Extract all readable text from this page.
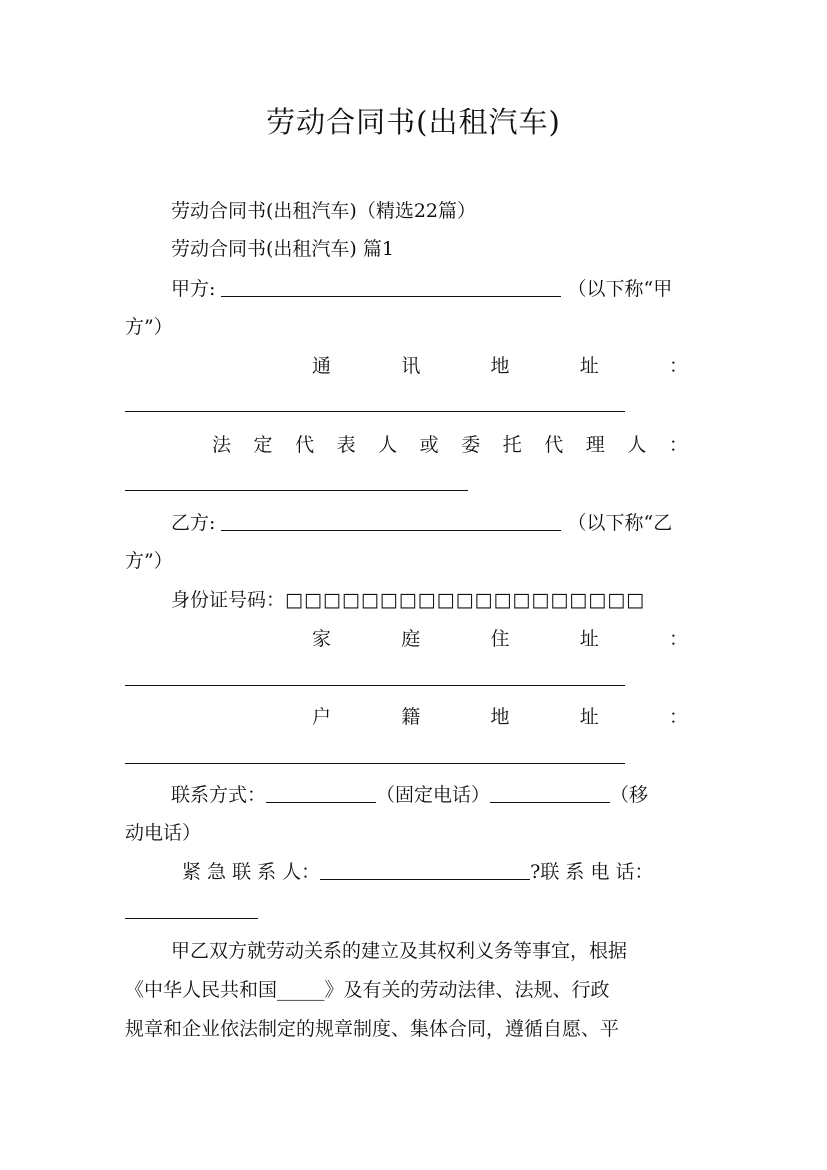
劳动合同书(出租汽车)
劳动合同书(出租汽车)（精选22篇）
劳动合同书(出租汽车) 篇1
甲方:	（以下称“甲
方”）
通	讯	地	址	：
法 定 代 表 人 或 委 托 代 理 人 ：
乙方:	（以下称“乙
方”）
身份证号码：□□□□□□□□□□□□□□□□□□□
家	庭	住	址	：
户	籍	地	址	：
联系方式：	（固定电话）	（移
动电话）
紧 急 联 系 人：	?联 系 电 话：
甲乙双方就劳动关系的建立及其权利义务等事宜，根据
《中华人民共和国_____》及有关的劳动法律、法规、行政
规章和企业依法制定的规章制度、集体合同，遵循自愿、平
